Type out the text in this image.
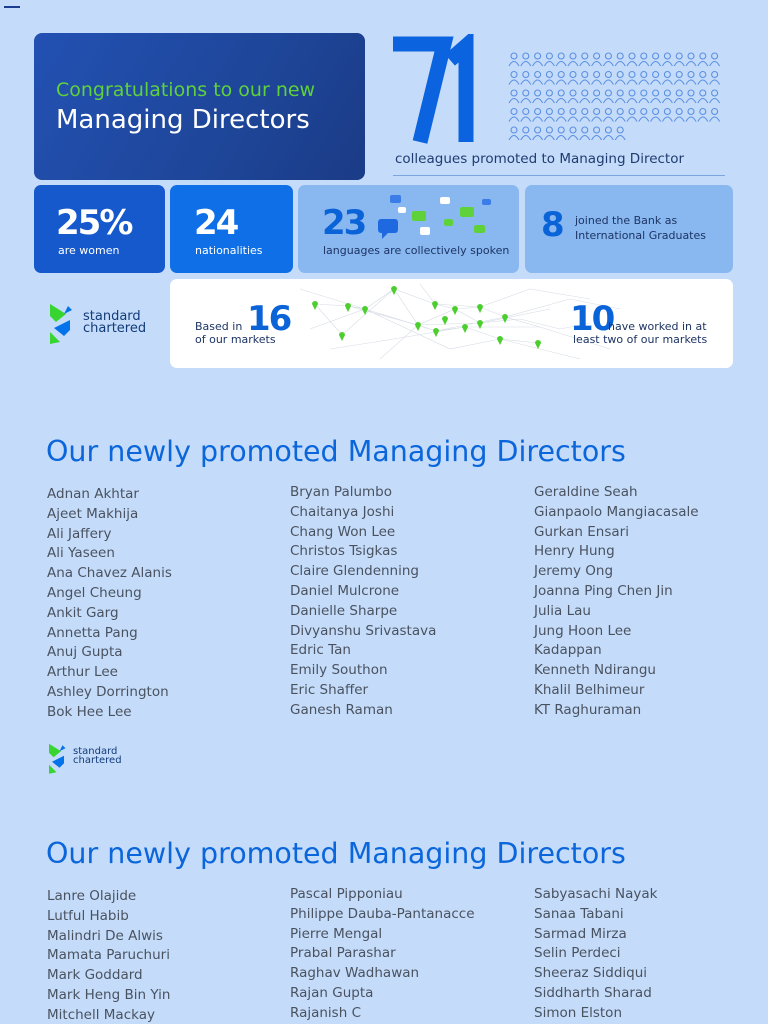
Congratulations to our new
Managing Directors
colleagues promoted to Managing Director
25%
are women
24
nationalities
23
languages are collectively spoken
8 joined the Bank as
International Graduates
standard
chartered	Based in 16
of our markets
10
have worked in at
least two of our markets
Our newly promoted Managing Directors
Adnan Akhtar
Ajeet Makhija
Ali Jaffery
Ali Yaseen
Ana Chavez Alanis
Angel Cheung
Ankit Garg
Annetta Pang
Anuj Gupta
Arthur Lee
Ashley Dorrington
Bok Hee Lee
Bryan Palumbo
Chaitanya Joshi
Chang Won Lee
Christos Tsigkas
Claire Glendenning
Daniel Mulcrone
Danielle Sharpe
Divyanshu Srivastava
Edric Tan
Emily Southon
Eric Shaffer
Ganesh Raman
Geraldine Seah
Gianpaolo Mangiacasale
Gurkan Ensari
Henry Hung
Jeremy Ong
Joanna Ping Chen Jin
Julia Lau
Jung Hoon Lee
Kadappan
Kenneth Ndirangu
Khalil Belhimeur
KT Raghuraman
standard
chartered
Our newly promoted Managing Directors
Lanre Olajide
Lutful Habib
Malindri De Alwis
Mamata Paruchuri
Mark Goddard
Mark Heng Bin Yin
Mitchell Mackay
Pascal Pipponiau
Philippe Dauba-Pantanacce
Pierre Mengal
Prabal Parashar
Raghav Wadhawan
Rajan Gupta
Rajanish C
Sabyasachi Nayak
Sanaa Tabani
Sarmad Mirza
Selin Perdeci
Sheeraz Siddiqui
Siddharth Sharad
Simon Elston
